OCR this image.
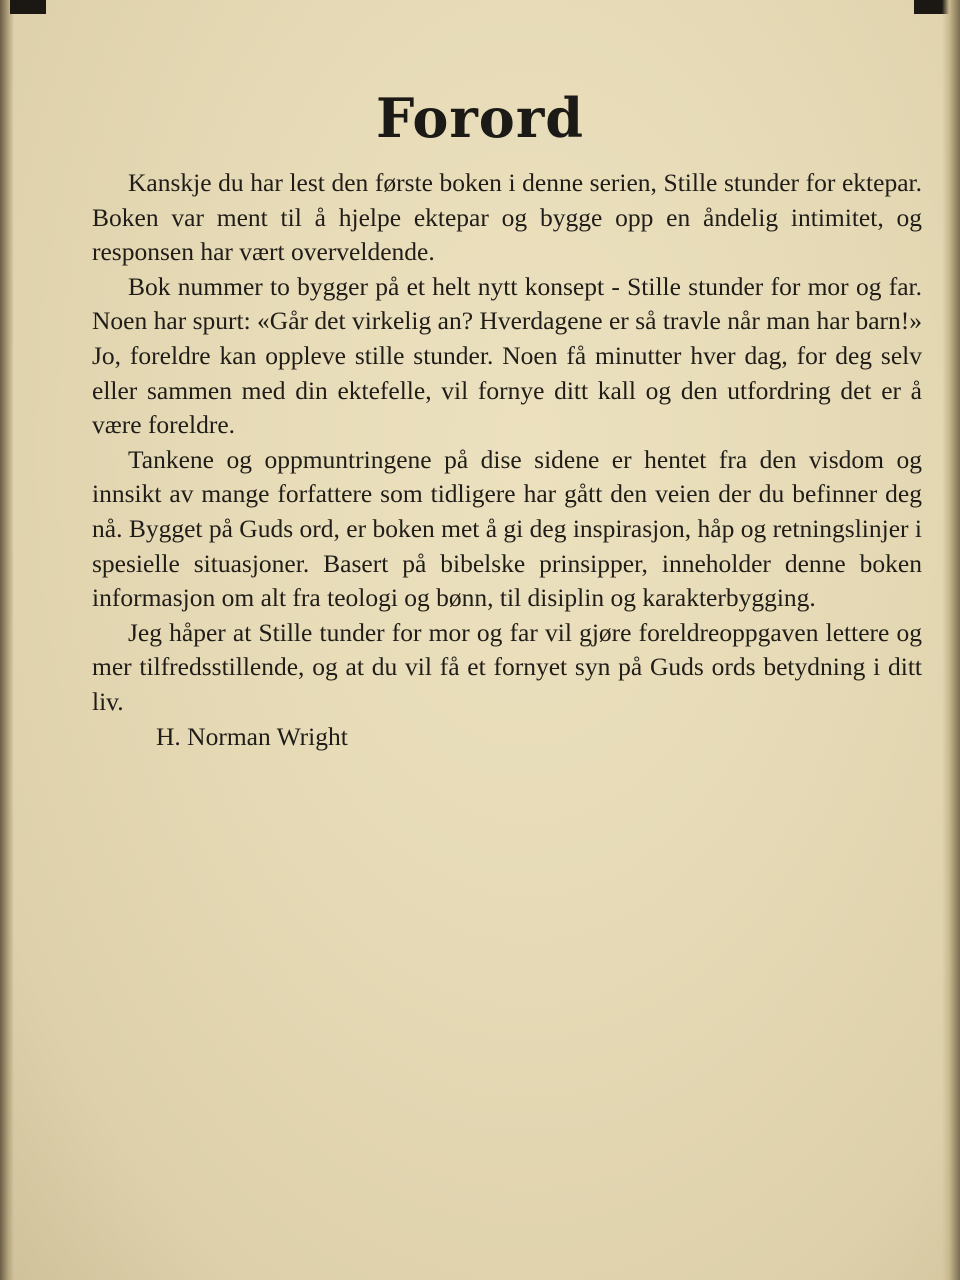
Forord

Kanskje du har lest den første boken i denne serien, Stille stunder for ektepar. Boken var ment til å hjelpe ektepar og bygge opp en åndelig intimitet, og responsen har vært overveldende.

Bok nummer to bygger på et helt nytt konsept - Stille stunder for mor og far. Noen har spurt: «Går det virkelig an? Hverdagene er så travle når man har barn!» Jo, foreldre kan oppleve stille stunder. Noen få minutter hver dag, for deg selv eller sammen med din ektefelle, vil fornye ditt kall og den utfordring det er å være foreldre.

Tankene og oppmuntringene på dise sidene er hentet fra den visdom og innsikt av mange forfattere som tidligere har gått den veien der du befinner deg nå. Bygget på Guds ord, er boken met å gi deg inspirasjon, håp og retningslinjer i spesielle situasjoner. Basert på bibelske prinsipper, inneholder denne boken informasjon om alt fra teologi og bønn, til disiplin og karakterbygging.

Jeg håper at Stille tunder for mor og far vil gjøre foreldreoppgaven lettere og mer tilfredsstillende, og at du vil få et fornyet syn på Guds ords betydning i ditt liv.

H. Norman Wright
